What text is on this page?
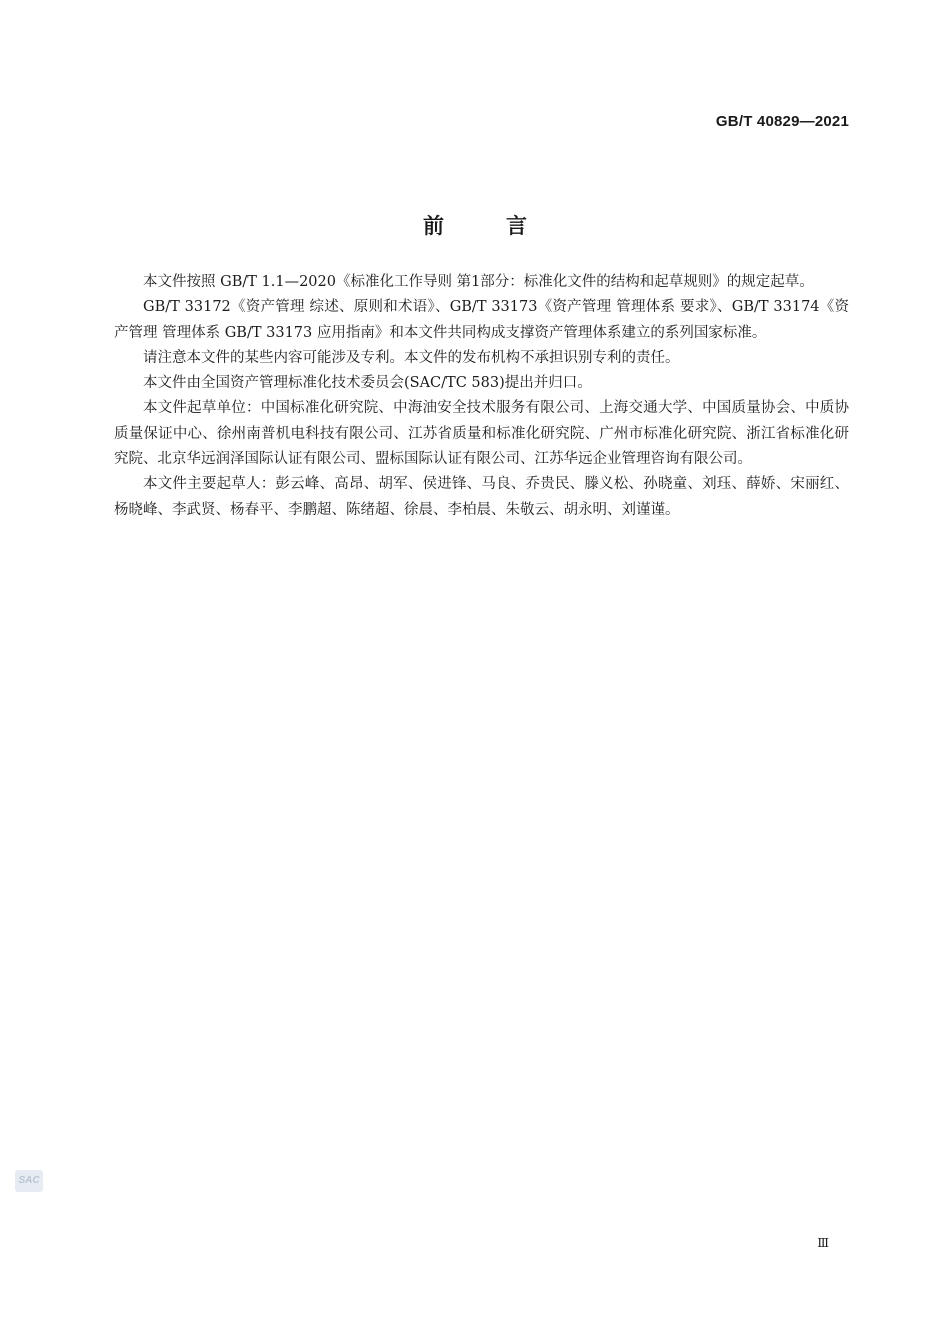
GB/T 40829—2021
前言

本文件按照 GB/T 1.1—2020《标准化工作导则 第1部分：标准化文件的结构和起草规则》的规定起草。

GB/T 33172《资产管理 综述、原则和术语》、GB/T 33173《资产管理 管理体系 要求》、GB/T 33174《资产管理 管理体系 GB/T 33173 应用指南》和本文件共同构成支撑资产管理体系建立的系列国家标准。

请注意本文件的某些内容可能涉及专利。本文件的发布机构不承担识别专利的责任。

本文件由全国资产管理标准化技术委员会(SAC/TC 583)提出并归口。

本文件起草单位：中国标准化研究院、中海油安全技术服务有限公司、上海交通大学、中国质量协会、中质协质量保证中心、徐州南普机电科技有限公司、江苏省质量和标准化研究院、广州市标准化研究院、浙江省标准化研究院、北京华远润泽国际认证有限公司、盟标国际认证有限公司、江苏华远企业管理咨询有限公司。

本文件主要起草人：彭云峰、高昂、胡军、侯进锋、马良、乔贵民、滕义松、孙晓童、刘珏、薛娇、宋丽红、杨晓峰、李武贤、杨春平、李鹏超、陈绪超、徐晨、李柏晨、朱敬云、胡永明、刘谨谨。

SAC
Ⅲ
